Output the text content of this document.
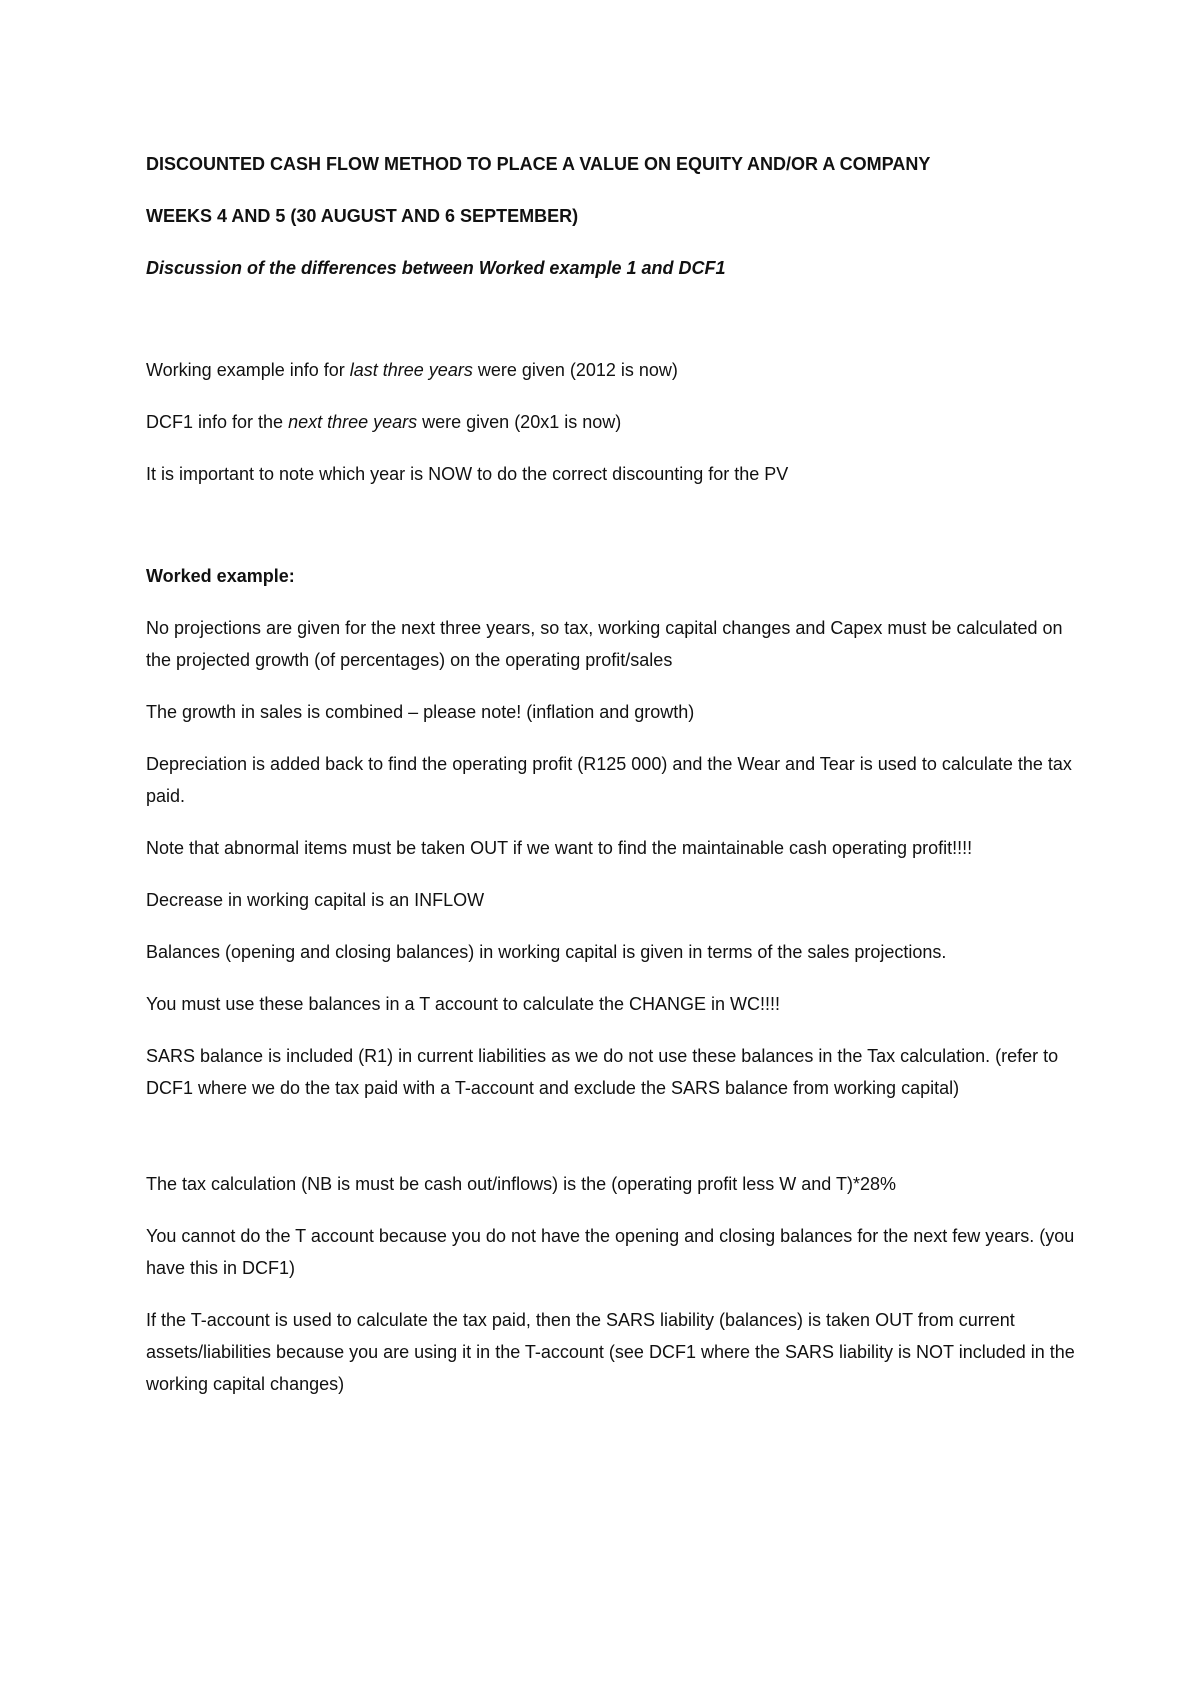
DISCOUNTED CASH FLOW METHOD TO PLACE A VALUE ON EQUITY AND/OR A COMPANY

WEEKS 4 AND 5 (30 AUGUST AND 6 SEPTEMBER)

Discussion of the differences between Worked example 1 and DCF1

Working example info for last three years were given (2012 is now)

DCF1 info for the next three years were given (20x1 is now)

It is important to note which year is NOW to do the correct discounting for the PV

Worked example:

No projections are given for the next three years, so tax, working capital changes and Capex must be calculated on the projected growth (of percentages) on the operating profit/sales

The growth in sales is combined – please note! (inflation and growth)

Depreciation is added back to find the operating profit (R125 000) and the Wear and Tear is used to calculate the tax paid.

Note that abnormal items must be taken OUT if we want to find the maintainable cash operating profit!!!!

Decrease in working capital is an INFLOW

Balances (opening and closing balances) in working capital is given in terms of the sales projections.

You must use these balances in a T account to calculate the CHANGE in WC!!!!

SARS balance is included (R1) in current liabilities as we do not use these balances in the Tax calculation. (refer to DCF1 where we do the tax paid with a T-account and exclude the SARS balance from working capital)

The tax calculation (NB is must be cash out/inflows) is the (operating profit less W and T)*28%

You cannot do the T account because you do not have the opening and closing balances for the next few years. (you have this in DCF1)

If the T-account is used to calculate the tax paid, then the SARS liability (balances) is taken OUT from current assets/liabilities because you are using it in the T-account (see DCF1 where the SARS liability is NOT included in the working capital changes)
